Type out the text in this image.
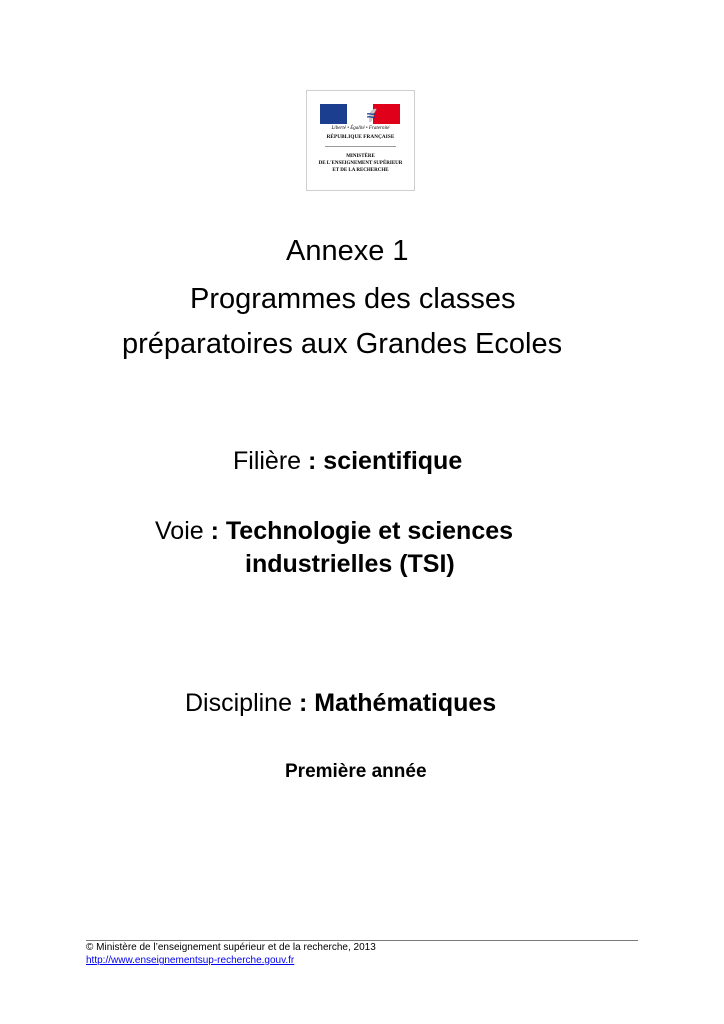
Liberté • Égalité • Fraternité
RÉPUBLIQUE FRANÇAISE
MINISTÈRE
DE L'ENSEIGNEMENT SUPÉRIEUR
ET DE LA RECHERCHE
Annexe 1
Programmes des classes
préparatoires aux Grandes Ecoles
Filière : scientifique
Voie : Technologie et sciences
industrielles (TSI)
Discipline : Mathématiques
Première année
© Ministère de l’enseignement supérieur et de la recherche, 2013
http://www.enseignementsup-recherche.gouv.fr
